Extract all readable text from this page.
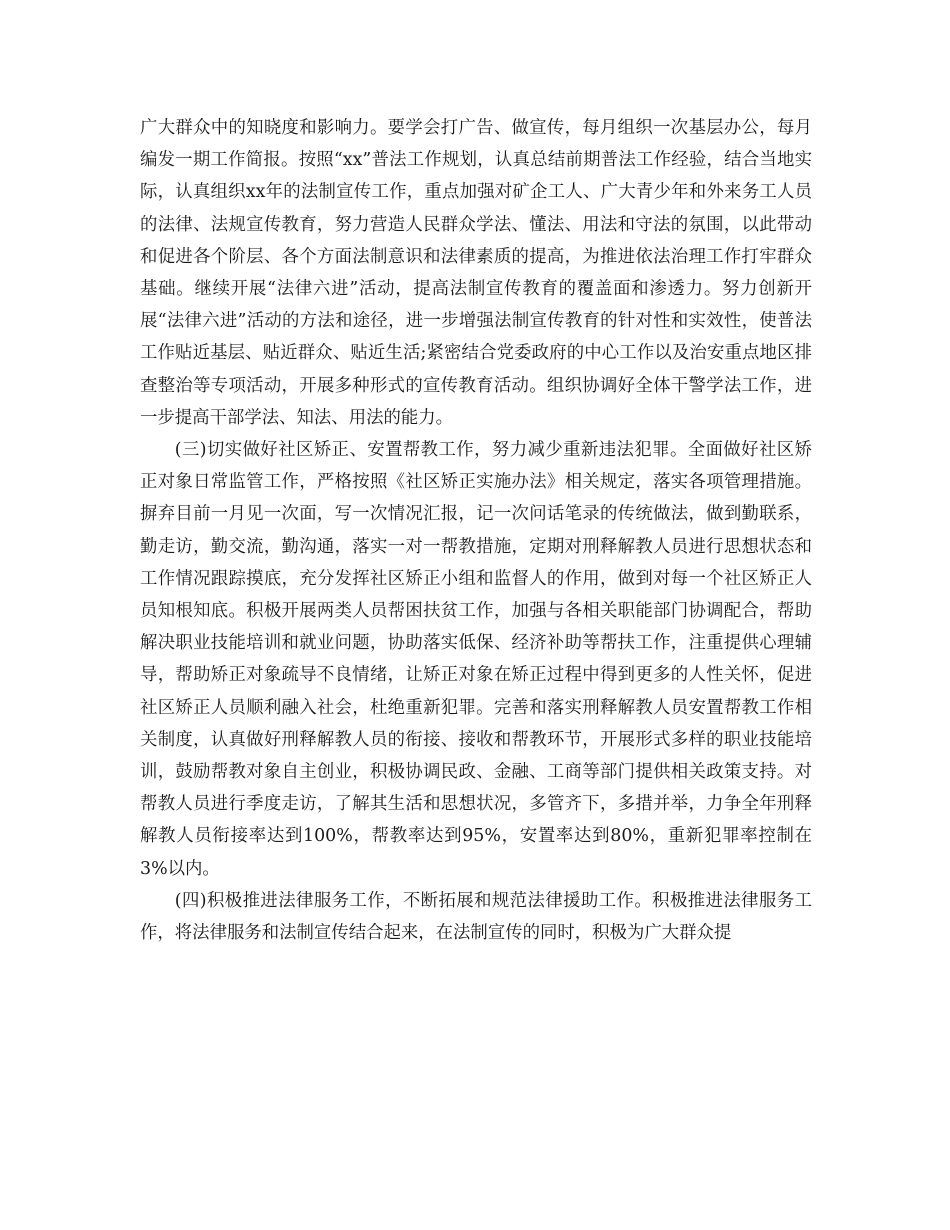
广大群众中的知晓度和影响力。要学会打广告、做宣传，每月组织一次基层办公，每月编发一期工作简报。按照“xx”普法工作规划，认真总结前期普法工作经验，结合当地实际，认真组织xx年的法制宣传工作，重点加强对矿企工人、广大青少年和外来务工人员的法律、法规宣传教育，努力营造人民群众学法、懂法、用法和守法的氛围，以此带动和促进各个阶层、各个方面法制意识和法律素质的提高，为推进依法治理工作打牢群众基础。继续开展“法律六进”活动，提高法制宣传教育的覆盖面和渗透力。努力创新开展“法律六进”活动的方法和途径，进一步增强法制宣传教育的针对性和实效性，使普法工作贴近基层、贴近群众、贴近生活;紧密结合党委政府的中心工作以及治安重点地区排查整治等专项活动，开展多种形式的宣传教育活动。组织协调好全体干警学法工作，进一步提高干部学法、知法、用法的能力。

(三)切实做好社区矫正、安置帮教工作，努力减少重新违法犯罪。全面做好社区矫正对象日常监管工作，严格按照《社区矫正实施办法》相关规定，落实各项管理措施。摒弃目前一月见一次面，写一次情况汇报，记一次问话笔录的传统做法，做到勤联系，勤走访，勤交流，勤沟通，落实一对一帮教措施，定期对刑释解教人员进行思想状态和工作情况跟踪摸底，充分发挥社区矫正小组和监督人的作用，做到对每一个社区矫正人员知根知底。积极开展两类人员帮困扶贫工作，加强与各相关职能部门协调配合，帮助解决职业技能培训和就业问题，协助落实低保、经济补助等帮扶工作，注重提供心理辅导，帮助矫正对象疏导不良情绪，让矫正对象在矫正过程中得到更多的人性关怀，促进社区矫正人员顺利融入社会，杜绝重新犯罪。完善和落实刑释解教人员安置帮教工作相关制度，认真做好刑释解教人员的衔接、接收和帮教环节，开展形式多样的职业技能培训，鼓励帮教对象自主创业，积极协调民政、金融、工商等部门提供相关政策支持。对帮教人员进行季度走访，了解其生活和思想状况，多管齐下，多措并举，力争全年刑释解教人员衔接率达到100%，帮教率达到95%，安置率达到80%，重新犯罪率控制在3%以内。

(四)积极推进法律服务工作，不断拓展和规范法律援助工作。积极推进法律服务工作，将法律服务和法制宣传结合起来，在法制宣传的同时，积极为广大群众提
